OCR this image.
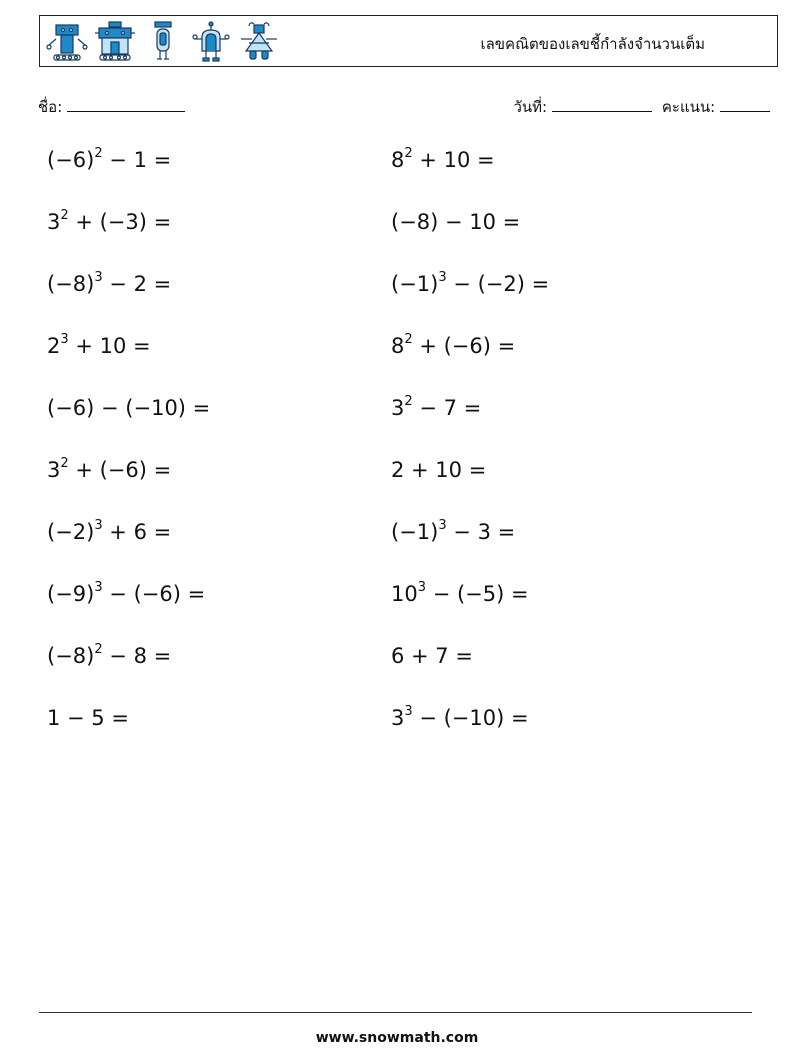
เลขคณิตของเลขชี้กำลังจำนวนเต็ม
ชื่อ:	วันที่:	คะแนน:
$(-6)^2 - 1$ =	$8^2 + 10$ =
$3^2 + (-3)$ =	(−8) − 10 =
$(-8)^3 - 2$ =	$(-1)^3 - (-2)$ =
$2^3 + 10$ =	$8^2 + (-6)$ =
(−6) − (−10) =	$3^2 - 7$ =
$3^2 + (-6)$ =	2 + 10 =
$(-2)^3 + 6$ =	$(-1)^3 - 3$ =
$(-9)^3 - (-6)$ =	$10^3 - (-5)$ =
$(-8)^2 - 8$ =	6 + 7 =
1 − 5 =	$3^3 - (-10)$ =
www.snowmath.com
